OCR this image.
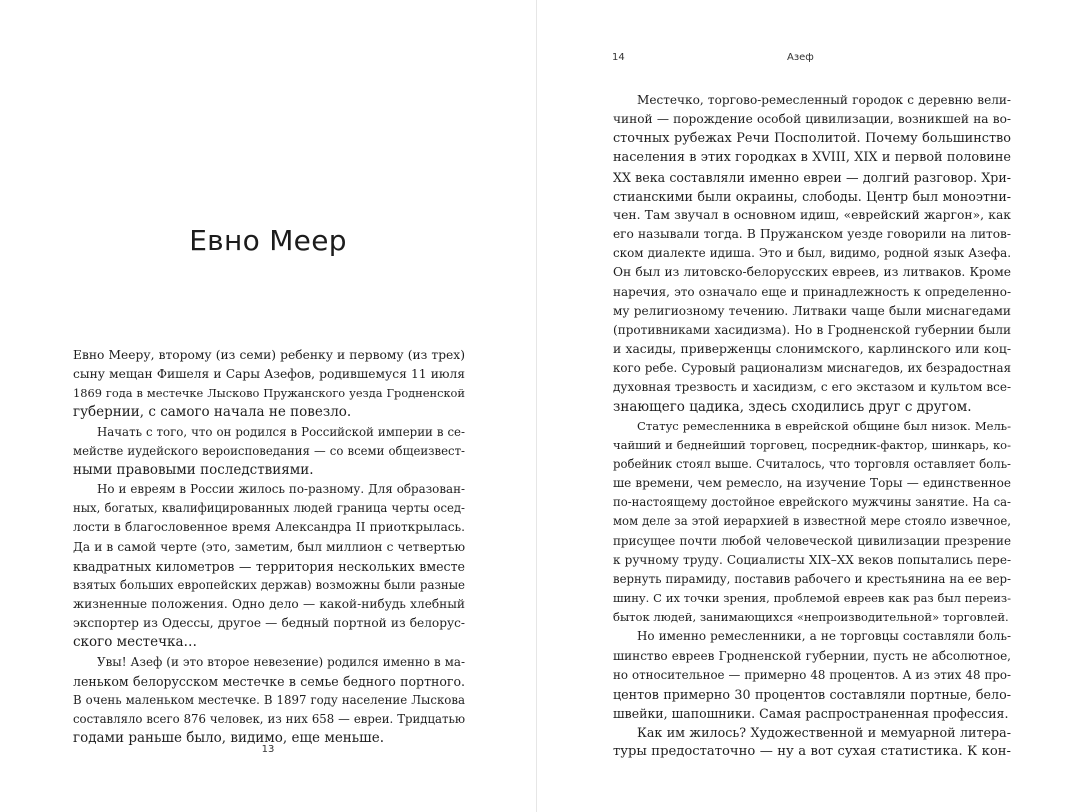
Евно Меер
Евно Мееру, второму (из семи) ребенку и первому (из трех)
сыну мещан Фишеля и Сары Азефов, родившемуся 11 июля
1869 года в местечке Лысково Пружанского уезда Гродненской
губернии, с самого начала не повезло.
Начать с того, что он родился в Российской империи в се-
мействе иудейского вероисповедания — со всеми общеизвест-
ными правовыми последствиями.
Но и евреям в России жилось по-разному. Для образован-
ных, богатых, квалифицированных людей граница черты осед-
лости в благословенное время Александра II приоткрылась.
Да и в самой черте (это, заметим, был миллион с четвертью
квадратных километров — территория нескольких вместе
взятых больших европейских держав) возможны были разные
жизненные положения. Одно дело — какой-нибудь хлебный
экспортер из Одессы, другое — бедный портной из белорус-
ского местечка…
Увы! Азеф (и это второе невезение) родился именно в ма-
леньком белорусском местечке в семье бедного портного.
В очень маленьком местечке. В 1897 году население Лыскова
составляло всего 876 человек, из них 658 — евреи. Тридцатью
годами раньше было, видимо, еще меньше.
13
14	Азеф
Местечко, торгово-ремесленный городок с деревню вели-
чиной — порождение особой цивилизации, возникшей на во-
сточных рубежах Речи Посполитой. Почему большинство
населения в этих городках в XVIII, XIX и первой половине
XX века составляли именно евреи — долгий разговор. Хри-
стианскими были окраины, слободы. Центр был моноэтни-
чен. Там звучал в основном идиш, «еврейский жаргон», как
его называли тогда. В Пружанском уезде говорили на литов-
ском диалекте идиша. Это и был, видимо, родной язык Азефа.
Он был из литовско-белорусских евреев, из литваков. Кроме
наречия, это означало еще и принадлежность к определенно-
му религиозному течению. Литваки чаще были миснагедами
(противниками хасидизма). Но в Гродненской губернии были
и хасиды, приверженцы слонимского, карлинского или коц-
кого ребе. Суровый рационализм миснагедов, их безрадостная
духовная трезвость и хасидизм, с его экстазом и культом все-
знающего цадика, здесь сходились друг с другом.
Статус ремесленника в еврейской общине был низок. Мель-
чайший и беднейший торговец, посредник-фактор, шинкарь, ко-
робейник стоял выше. Считалось, что торговля оставляет боль-
ше времени, чем ремесло, на изучение Торы — единственное
по-настоящему достойное еврейского мужчины занятие. На са-
мом деле за этой иерархией в известной мере стояло извечное,
присущее почти любой человеческой цивилизации презрение
к ручному труду. Социалисты XIX–XX веков попытались пере-
вернуть пирамиду, поставив рабочего и крестьянина на ее вер-
шину. С их точки зрения, проблемой евреев как раз был переиз-
быток людей, занимающихся «непроизводительной» торговлей.
Но именно ремесленники, а не торговцы составляли боль-
шинство евреев Гродненской губернии, пусть не абсолютное,
но относительное — примерно 48 процентов. А из этих 48 про-
центов примерно 30 процентов составляли портные, бело-
швейки, шапошники. Самая распространенная профессия.
Как им жилось? Художественной и мемуарной литера-
туры предостаточно — ну а вот сухая статистика. К кон-
